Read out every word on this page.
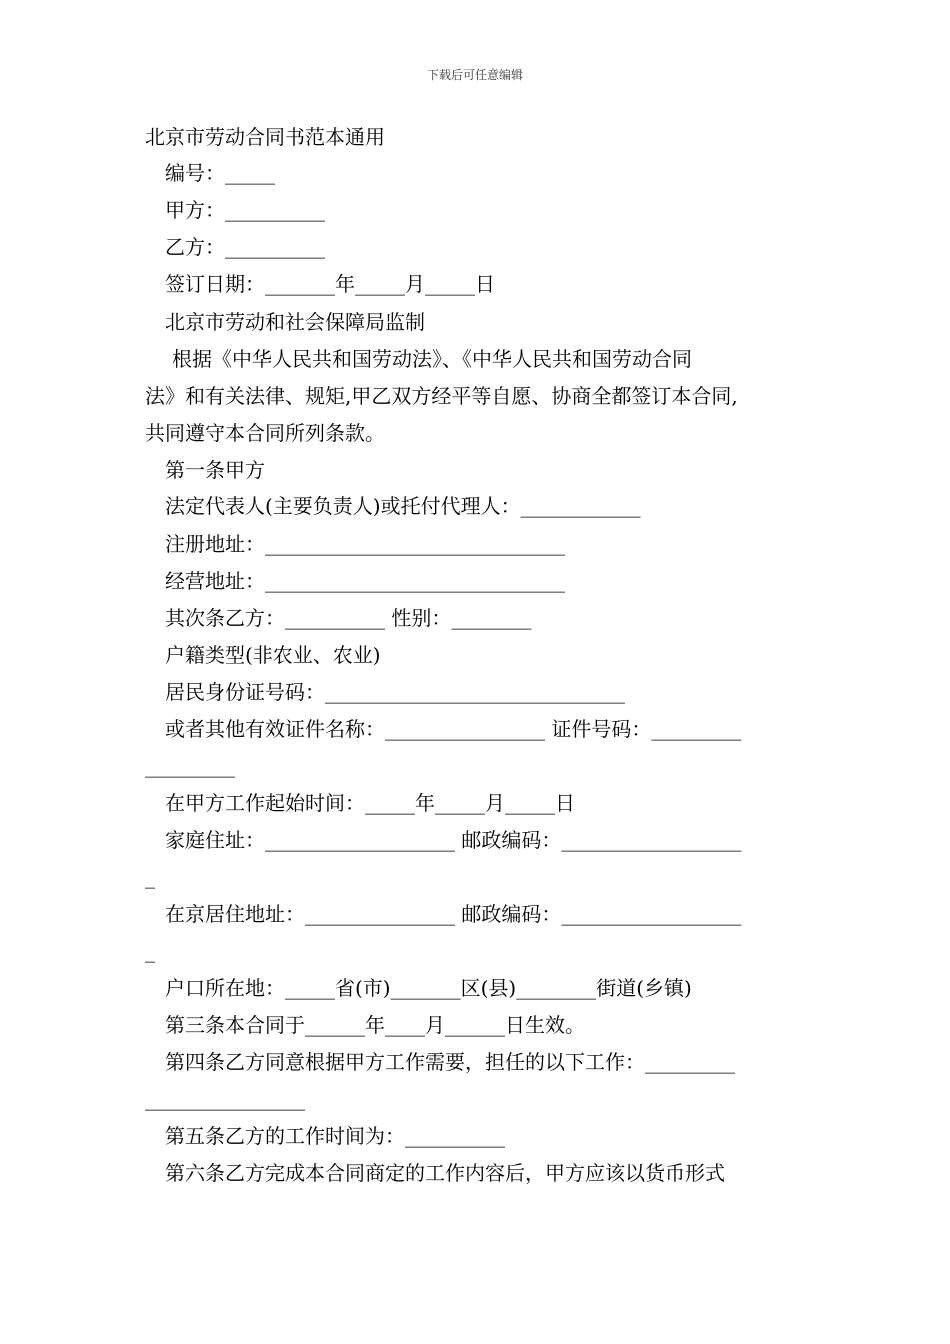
下载后可任意编辑
北京市劳动合同书范本通用
编号：_____
甲方：__________
乙方：__________
签订日期：_______年_____月_____日
北京市劳动和社会保障局监制
根据《中华人民共和国劳动法》、《中华人民共和国劳动合同
法》和有关法律、规矩,甲乙双方经平等自愿、协商全都签订本合同,
共同遵守本合同所列条款。
第一条甲方
法定代表人(主要负责人)或托付代理人：____________
注册地址：______________________________
经营地址：______________________________
其次条乙方：__________ 性别：________
户籍类型(非农业、农业)
居民身份证号码：______________________________
或者其他有效证件名称：________________ 证件号码：_________
_________
在甲方工作起始时间：_____年_____月_____日
家庭住址：___________________ 邮政编码：__________________
_
在京居住地址：_______________ 邮政编码：__________________
_
户口所在地：_____省(市)_______区(县)________街道(乡镇)
第三条本合同于______年____月______日生效。
第四条乙方同意根据甲方工作需要，担任的以下工作：_________
________________
第五条乙方的工作时间为：__________
第六条乙方完成本合同商定的工作内容后，甲方应该以货币形式
